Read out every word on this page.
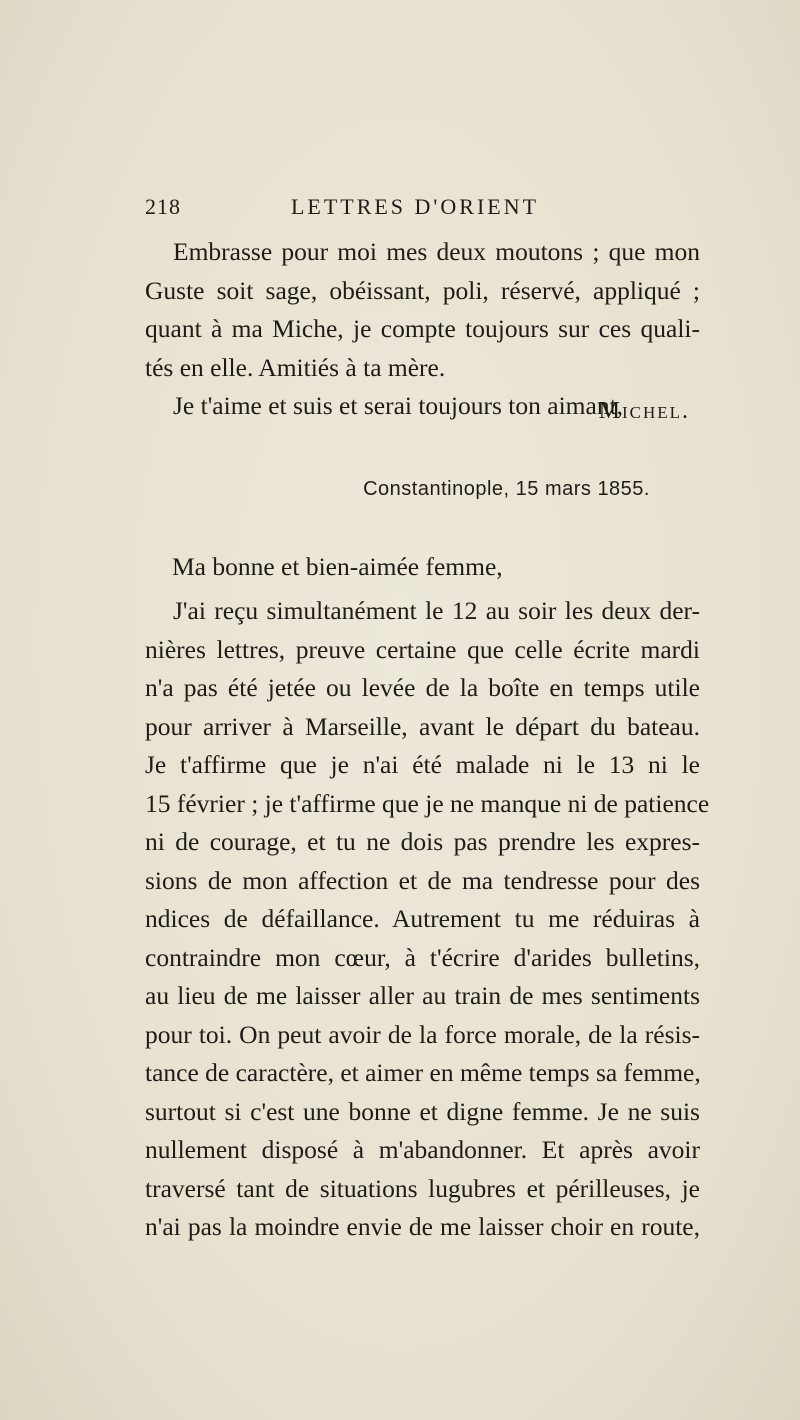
218	LETTRES D'ORIENT
Embrasse pour moi mes deux moutons ; que mon
Guste soit sage, obéissant, poli, réservé, appliqué ;
quant à ma Miche, je compte toujours sur ces quali-
tés en elle. Amitiés à ta mère.
Je t'aime et suis et serai toujours ton aimant,
Michel.
Constantinople, 15 mars 1855.
Ma bonne et bien-aimée femme,
J'ai reçu simultanément le 12 au soir les deux der-
nières lettres, preuve certaine que celle écrite mardi
n'a pas été jetée ou levée de la boîte en temps utile
pour arriver à Marseille, avant le départ du bateau.
Je t'affirme que je n'ai été malade ni le 13 ni le
15 février ; je t'affirme que je ne manque ni de patience
ni de courage, et tu ne dois pas prendre les expres-
sions de mon affection et de ma tendresse pour des
ndices de défaillance. Autrement tu me réduiras à
contraindre mon cœur, à t'écrire d'arides bulletins,
au lieu de me laisser aller au train de mes sentiments
pour toi. On peut avoir de la force morale, de la résis-
tance de caractère, et aimer en même temps sa femme,
surtout si c'est une bonne et digne femme. Je ne suis
nullement disposé à m'abandonner. Et après avoir
traversé tant de situations lugubres et périlleuses, je
n'ai pas la moindre envie de me laisser choir en route,
